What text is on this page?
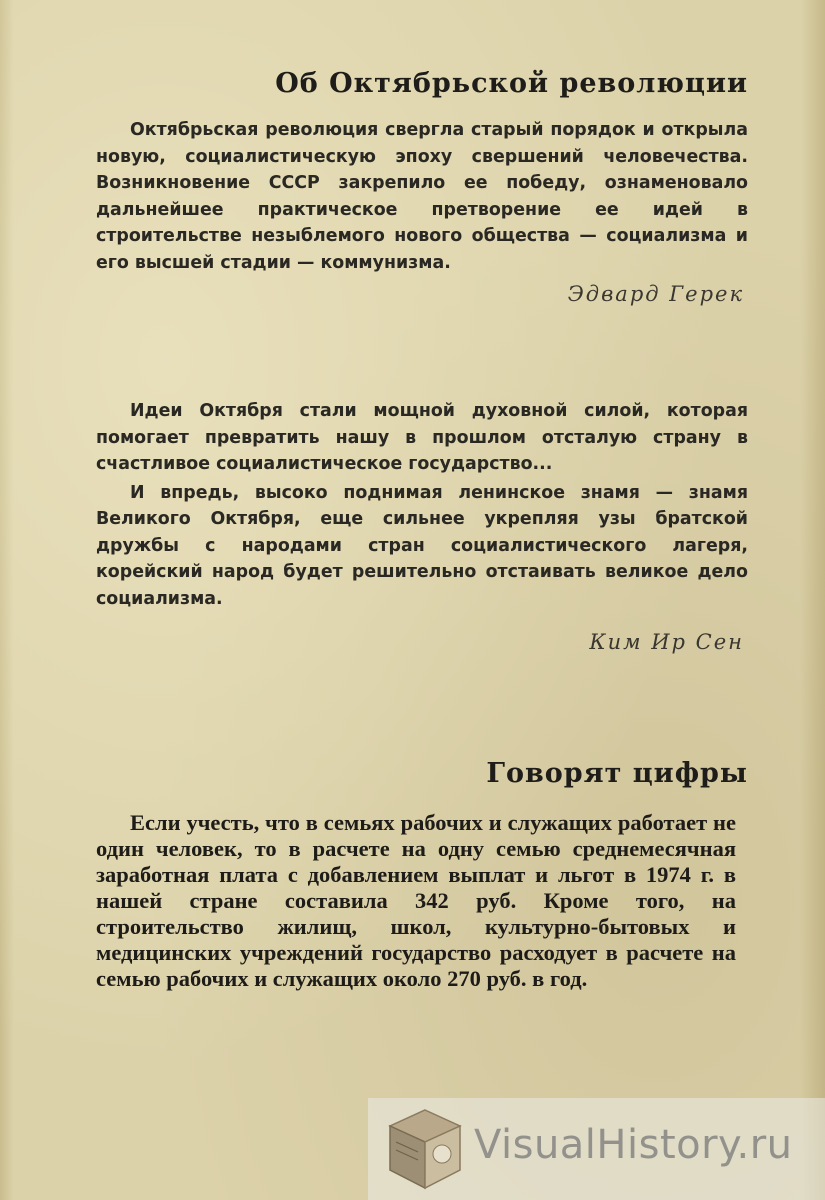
Об Октябрьской революции

Октябрьская революция свергла старый порядок и открыла новую, социалистическую эпоху свершений человечества. Возникновение СССР закрепило ее победу, ознаменовало дальнейшее практическое претворение ее идей в строительстве незыблемого нового общества — социализма и его высшей стадии — коммунизма.

Эдвард Герек

Идеи Октября стали мощной духовной силой, которая помогает превратить нашу в прошлом отсталую страну в счастливое социалистическое государство...

И впредь, высоко поднимая ленинское знамя — знамя Великого Октября, еще сильнее укрепляя узы братской дружбы с народами стран социалистического лагеря, корейский народ будет решительно отстаивать великое дело социализма.

Ким Ир Сен

Говорят цифры

Если учесть, что в семьях рабочих и служащих работает не один человек, то в расчете на одну семью среднемесячная заработная плата с добавлением выплат и льгот в 1974 г. в нашей стране составила 342 руб. Кроме того, на строительство жилищ, школ, культурно-бытовых и медицинских учреждений государство расходует в расчете на семью рабочих и служащих около 270 руб. в год.

VisualHistory.ru
